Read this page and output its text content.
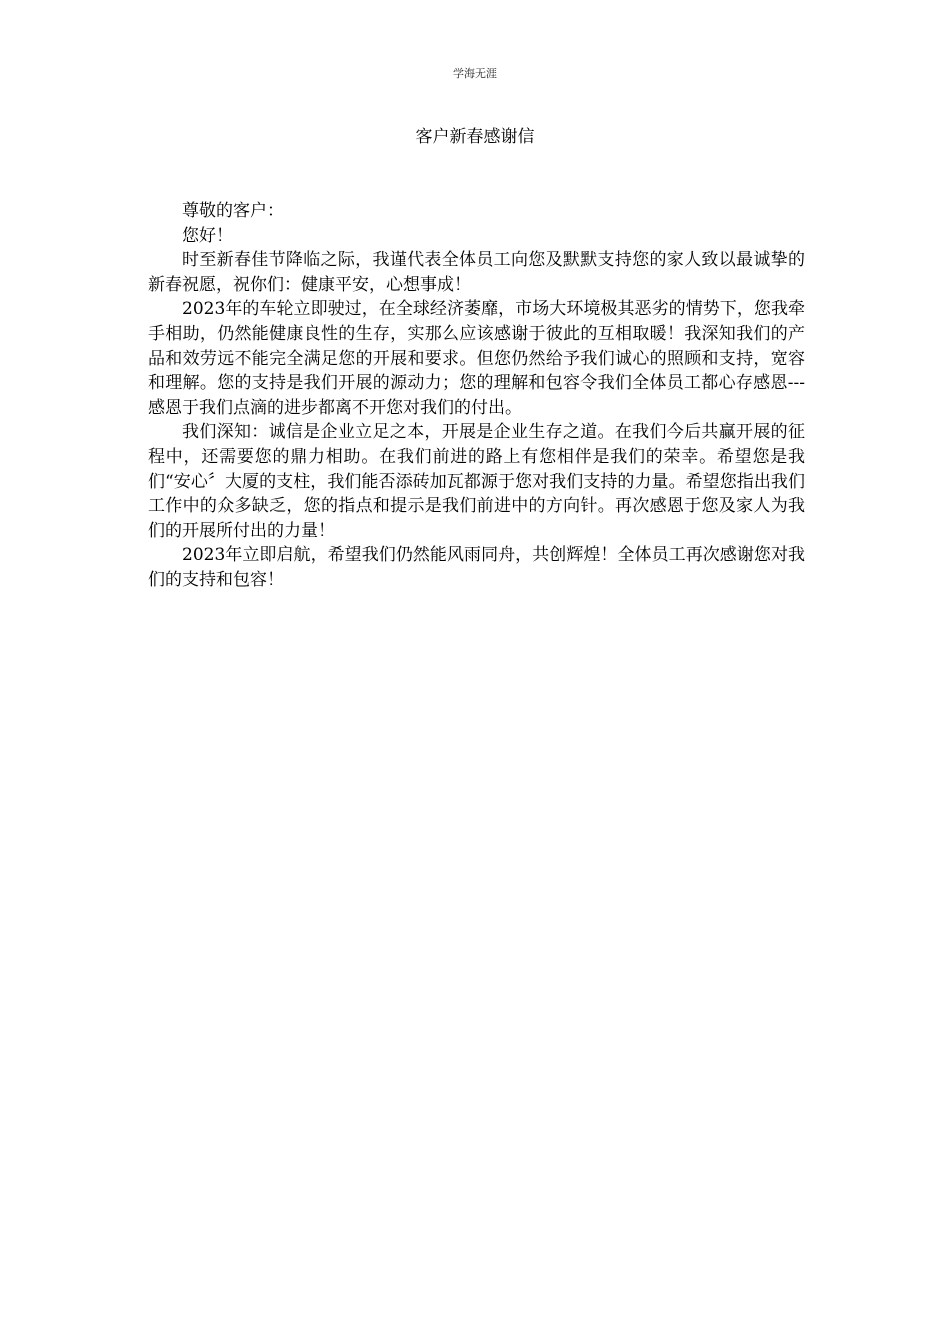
学海无涯
客户新春感谢信

尊敬的客户：

您好！

时至新春佳节降临之际，我谨代表全体员工向您及默默支持您的家人致以最诚挚的新春祝愿，祝你们：健康平安，心想事成！

2023年的车轮立即驶过，在全球经济萎靡，市场大环境极其恶劣的情势下，您我牵手相助，仍然能健康良性的生存，实那么应该感谢于彼此的互相取暖！我深知我们的产品和效劳远不能完全满足您的开展和要求。但您仍然给予我们诚心的照顾和支持，宽容和理解。您的支持是我们开展的源动力；您的理解和包容令我们全体员工都心存感恩--- 感恩于我们点滴的进步都离不开您对我们的付出。

我们深知：诚信是企业立足之本，开展是企业生存之道。在我们今后共赢开展的征程中，还需要您的鼎力相助。在我们前进的路上有您相伴是我们的荣幸。希望您是我们“安心〞大厦的支柱，我们能否添砖加瓦都源于您对我们支持的力量。希望您指出我们工作中的众多缺乏，您的指点和提示是我们前进中的方向针。再次感恩于您及家人为我们的开展所付出的力量！

2023年立即启航，希望我们仍然能风雨同舟，共创辉煌！全体员工再次感谢您对我们的支持和包容！
